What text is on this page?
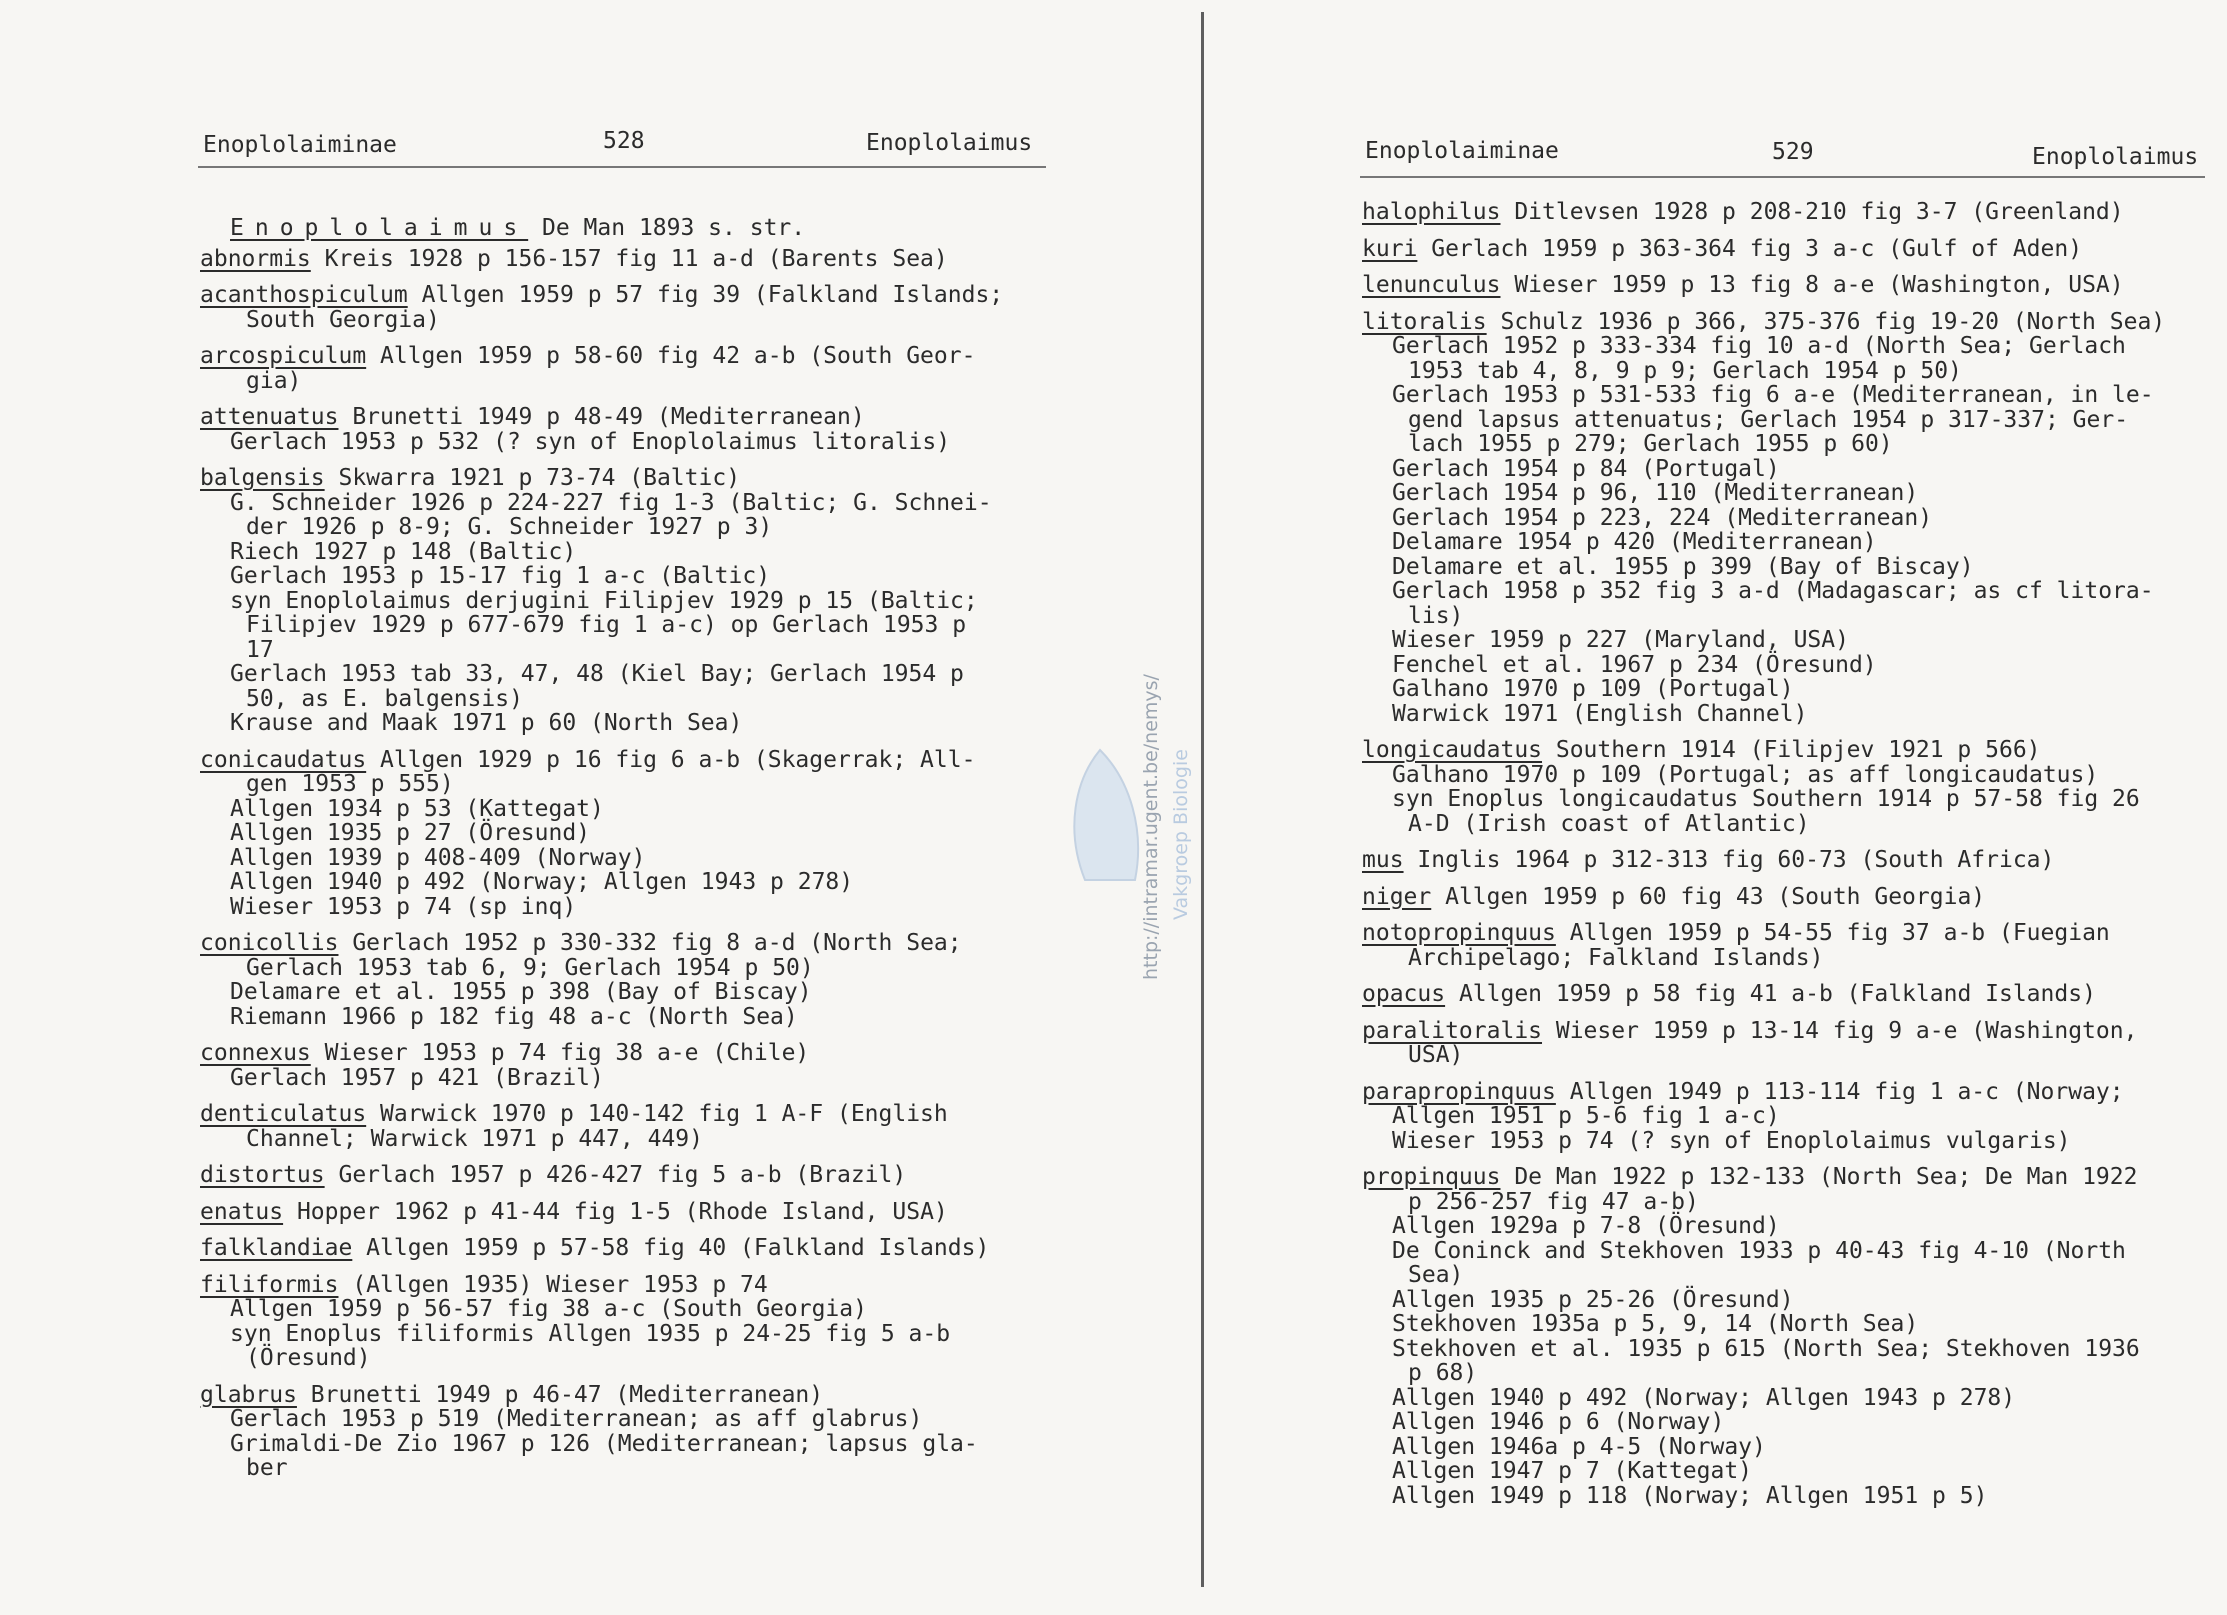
Enoplolaiminae	528	Enoplolaimus
Enoplolaimus De Man 1893 s. str.
abnormis Kreis 1928 p 156-157 fig 11 a-d (Barents Sea)
acanthospiculum Allgen 1959 p 57 fig 39 (Falkland Islands;
South Georgia)
arcospiculum Allgen 1959 p 58-60 fig 42 a-b (South Geor-
gia)
attenuatus Brunetti 1949 p 48-49 (Mediterranean)
Gerlach 1953 p 532 (? syn of Enoplolaimus litoralis)
balgensis Skwarra 1921 p 73-74 (Baltic)
G. Schneider 1926 p 224-227 fig 1-3 (Baltic; G. Schnei-
der 1926 p 8-9; G. Schneider 1927 p 3)
Riech 1927 p 148 (Baltic)
Gerlach 1953 p 15-17 fig 1 a-c (Baltic)
syn Enoplolaimus derjugini Filipjev 1929 p 15 (Baltic;
Filipjev 1929 p 677-679 fig 1 a-c) op Gerlach 1953 p
17
Gerlach 1953 tab 33, 47, 48 (Kiel Bay; Gerlach 1954 p
50, as E. balgensis)
Krause and Maak 1971 p 60 (North Sea)
conicaudatus Allgen 1929 p 16 fig 6 a-b (Skagerrak; All-
gen 1953 p 555)
Allgen 1934 p 53 (Kattegat)
Allgen 1935 p 27 (Öresund)
Allgen 1939 p 408-409 (Norway)
Allgen 1940 p 492 (Norway; Allgen 1943 p 278)
Wieser 1953 p 74 (sp inq)
conicollis Gerlach 1952 p 330-332 fig 8 a-d (North Sea;
Gerlach 1953 tab 6, 9; Gerlach 1954 p 50)
Delamare et al. 1955 p 398 (Bay of Biscay)
Riemann 1966 p 182 fig 48 a-c (North Sea)
connexus Wieser 1953 p 74 fig 38 a-e (Chile)
Gerlach 1957 p 421 (Brazil)
denticulatus Warwick 1970 p 140-142 fig 1 A-F (English
Channel; Warwick 1971 p 447, 449)
distortus Gerlach 1957 p 426-427 fig 5 a-b (Brazil)
enatus Hopper 1962 p 41-44 fig 1-5 (Rhode Island, USA)
falklandiae Allgen 1959 p 57-58 fig 40 (Falkland Islands)
filiformis (Allgen 1935) Wieser 1953 p 74
Allgen 1959 p 56-57 fig 38 a-c (South Georgia)
syn Enoplus filiformis Allgen 1935 p 24-25 fig 5 a-b
(Öresund)
glabrus Brunetti 1949 p 46-47 (Mediterranean)
Gerlach 1953 p 519 (Mediterranean; as aff glabrus)
Grimaldi-De Zio 1967 p 126 (Mediterranean; lapsus gla-
ber
Enoplolaiminae	529	Enoplolaimus
halophilus Ditlevsen 1928 p 208-210 fig 3-7 (Greenland)
kuri Gerlach 1959 p 363-364 fig 3 a-c (Gulf of Aden)
lenunculus Wieser 1959 p 13 fig 8 a-e (Washington, USA)
litoralis Schulz 1936 p 366, 375-376 fig 19-20 (North Sea)
Gerlach 1952 p 333-334 fig 10 a-d (North Sea; Gerlach
1953 tab 4, 8, 9 p 9; Gerlach 1954 p 50)
Gerlach 1953 p 531-533 fig 6 a-e (Mediterranean, in le-
gend lapsus attenuatus; Gerlach 1954 p 317-337; Ger-
lach 1955 p 279; Gerlach 1955 p 60)
Gerlach 1954 p 84 (Portugal)
Gerlach 1954 p 96, 110 (Mediterranean)
Gerlach 1954 p 223, 224 (Mediterranean)
Delamare 1954 p 420 (Mediterranean)
Delamare et al. 1955 p 399 (Bay of Biscay)
Gerlach 1958 p 352 fig 3 a-d (Madagascar; as cf litora-
lis)
Wieser 1959 p 227 (Maryland, USA)
Fenchel et al. 1967 p 234 (Öresund)
Galhano 1970 p 109 (Portugal)
Warwick 1971 (English Channel)
longicaudatus Southern 1914 (Filipjev 1921 p 566)
Galhano 1970 p 109 (Portugal; as aff longicaudatus)
syn Enoplus longicaudatus Southern 1914 p 57-58 fig 26
A-D (Irish coast of Atlantic)
mus Inglis 1964 p 312-313 fig 60-73 (South Africa)
niger Allgen 1959 p 60 fig 43 (South Georgia)
notopropinquus Allgen 1959 p 54-55 fig 37 a-b (Fuegian
Archipelago; Falkland Islands)
opacus Allgen 1959 p 58 fig 41 a-b (Falkland Islands)
paralitoralis Wieser 1959 p 13-14 fig 9 a-e (Washington,
USA)
parapropinquus Allgen 1949 p 113-114 fig 1 a-c (Norway;
Allgen 1951 p 5-6 fig 1 a-c)
Wieser 1953 p 74 (? syn of Enoplolaimus vulgaris)
propinquus De Man 1922 p 132-133 (North Sea; De Man 1922
p 256-257 fig 47 a-b)
Allgen 1929a p 7-8 (Öresund)
De Coninck and Stekhoven 1933 p 40-43 fig 4-10 (North
Sea)
Allgen 1935 p 25-26 (Öresund)
Stekhoven 1935a p 5, 9, 14 (North Sea)
Stekhoven et al. 1935 p 615 (North Sea; Stekhoven 1936
p 68)
Allgen 1940 p 492 (Norway; Allgen 1943 p 278)
Allgen 1946 p 6 (Norway)
Allgen 1946a p 4-5 (Norway)
Allgen 1947 p 7 (Kattegat)
Allgen 1949 p 118 (Norway; Allgen 1951 p 5)
http://intramar.ugent.be/nemys/ Vakgroep Biologie
